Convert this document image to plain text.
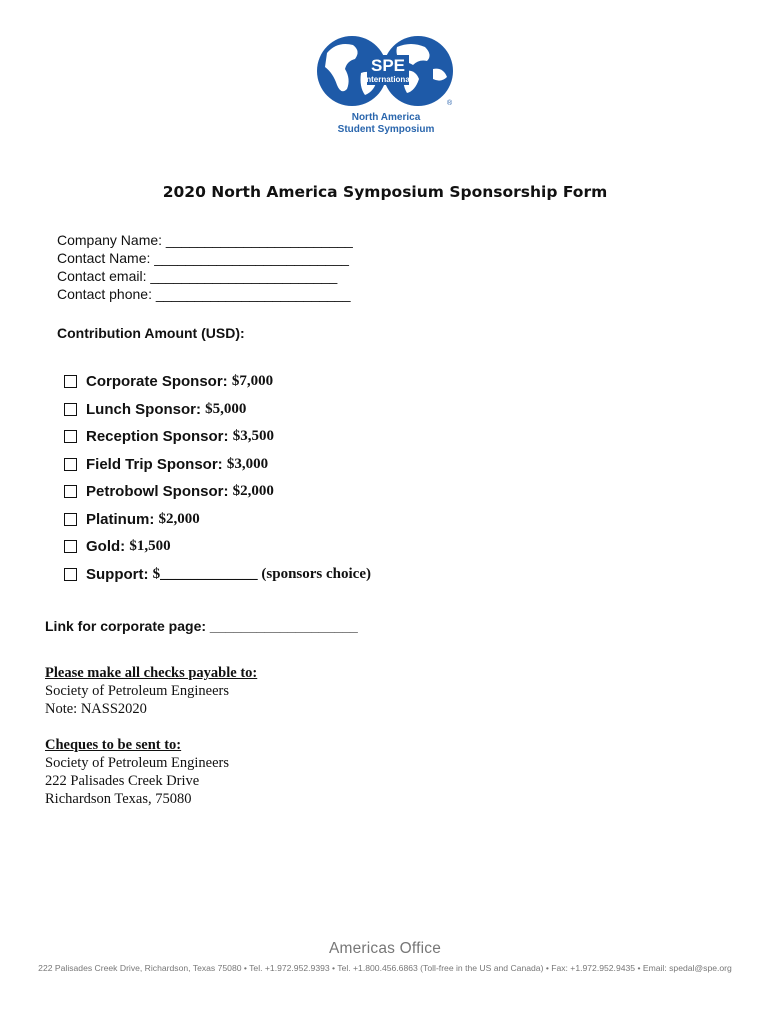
SPE
International
®
North America
Student Symposium
2020 North America Symposium Sponsorship Form
Company Name: ________________________
Contact Name: _________________________
Contact email: ________________________
Contact phone: _________________________
Contribution Amount (USD):
Corporate Sponsor: $7,000
Lunch Sponsor: $5,000
Reception Sponsor: $3,500
Field Trip Sponsor: $3,000
Petrobowl Sponsor: $2,000
Platinum: $2,000
Gold: $1,500
Support: $_____________ (sponsors choice)
Link for corporate page: ___________________
Please make all checks payable to:
Society of Petroleum Engineers
Note: NASS2020
Cheques to be sent to:
Society of Petroleum Engineers
222 Palisades Creek Drive
Richardson Texas, 75080
Americas Office
222 Palisades Creek Drive, Richardson, Texas 75080 • Tel. +1.972.952.9393 • Tel. +1.800.456.6863 (Toll-free in the US and Canada) • Fax: +1.972.952.9435 • Email: spedal@spe.org
